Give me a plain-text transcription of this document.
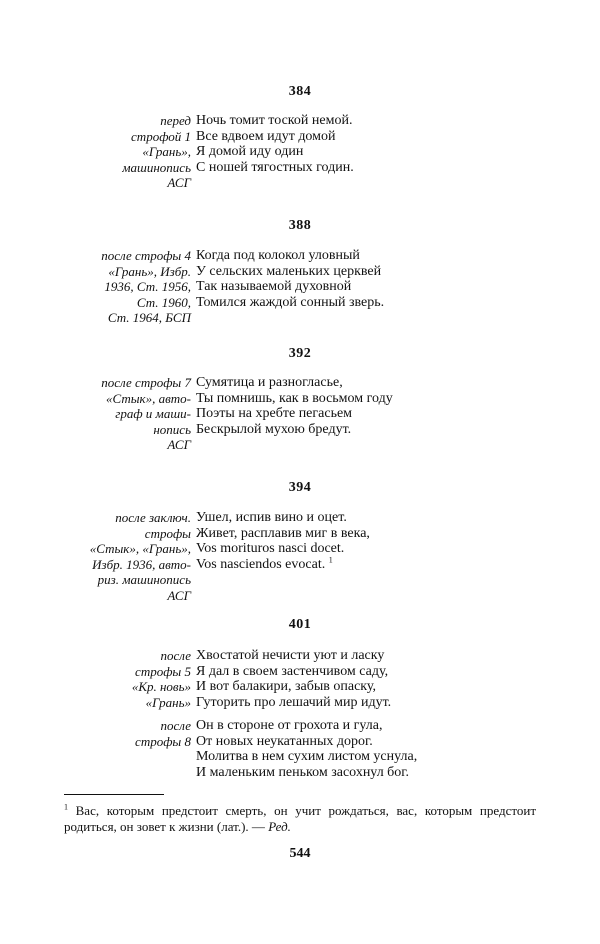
384
перед
строфой 1
«Грань»,
машинопись
АСГ
Ночь томит тоской немой.
Все вдвоем идут домой
Я домой иду один
С ношей тягостных годин.
388
после строфы 4
«Грань», Избр.
1936, Ст. 1956,
Ст. 1960,
Ст. 1964, БСП
Когда под колокол уловный
У сельских маленьких церквей
Так называемой духовной
Томился жаждой сонный зверь.
392
после строфы 7
«Стык», авто-
граф и маши-
нопись
АСГ
Сумятица и разногласье,
Ты помнишь, как в восьмом году
Поэты на хребте пегасьем
Бескрылой мухою бредут.
394
после заключ.
строфы
«Стык», «Грань»,
Избр. 1936, авто-
риз. машинопись
АСГ
Ушел, испив вино и оцет.
Живет, расплавив миг в века,
Vos morituros nasci docet.
Vos nasciendos evocat. $^1$
401
после
строфы 5
«Кр. новь»
«Грань»
Хвостатой нечисти уют и ласку
Я дал в своем застенчивом саду,
И вот балакири, забыв опаску,
Гуторить про лешачий мир идут.
после
строфы 8
Он в стороне от грохота и гула,
От новых неукатанных дорог.
Молитва в нем сухим листом уснула,
И маленьким пеньком засохнул бог.
$^1$ Вас, которым предстоит смерть, он учит рождаться, вас, которым предстоит родиться, он зовет к жизни (лат.). — Ред.
544
